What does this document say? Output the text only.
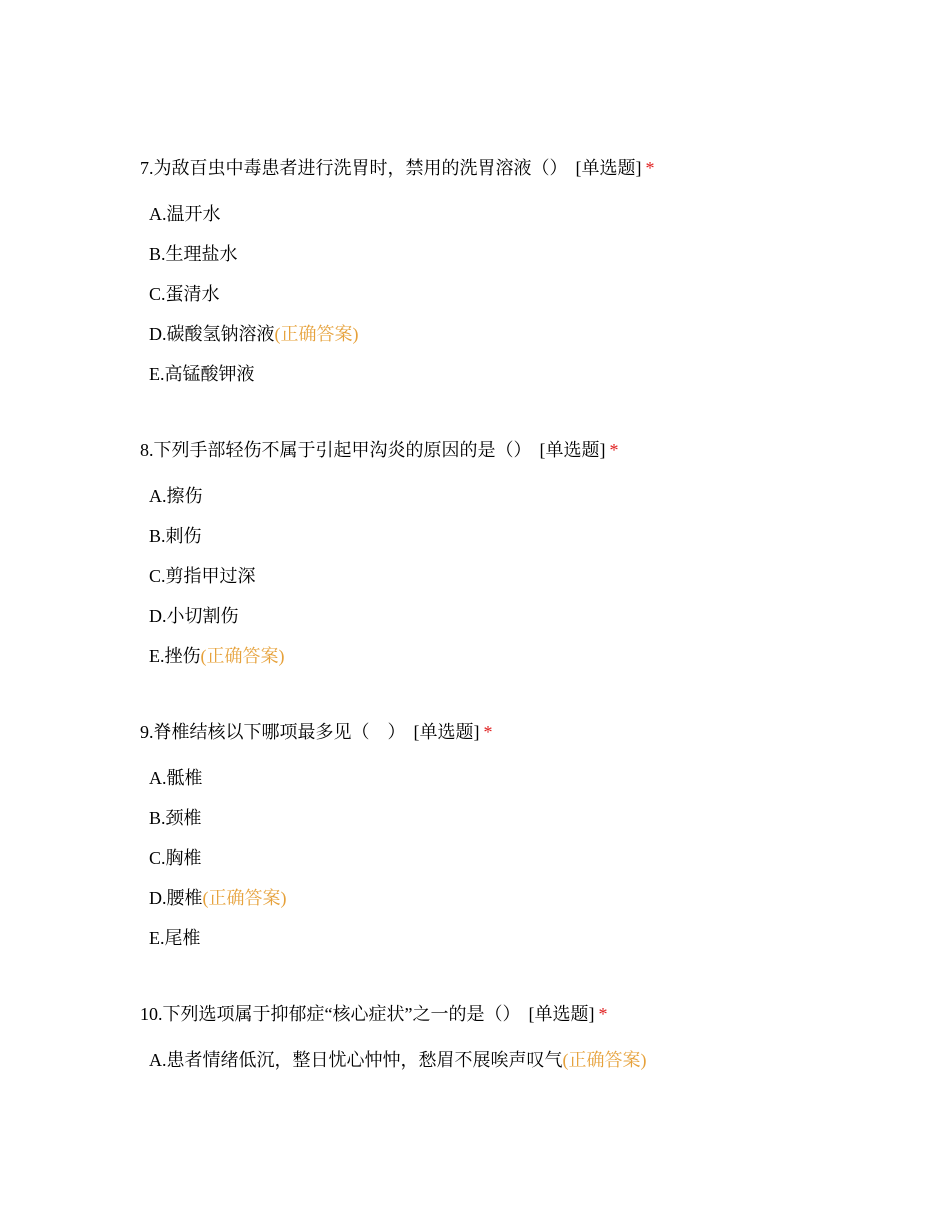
7.为敌百虫中毒患者进行洗胃时，禁用的洗胃溶液（） [单选题] *
A.温开水
B.生理盐水
C.蛋清水
D.碳酸氢钠溶液(正确答案)
E.高锰酸钾液
8.下列手部轻伤不属于引起甲沟炎的原因的是（） [单选题] *
A.擦伤
B.刺伤
C.剪指甲过深
D.小切割伤
E.挫伤(正确答案)
9.脊椎结核以下哪项最多见（　） [单选题] *
A.骶椎
B.颈椎
C.胸椎
D.腰椎(正确答案)
E.尾椎
10.下列选项属于抑郁症“核心症状”之一的是（） [单选题] *
A.患者情绪低沉，整日忧心忡忡，愁眉不展唉声叹气(正确答案)
